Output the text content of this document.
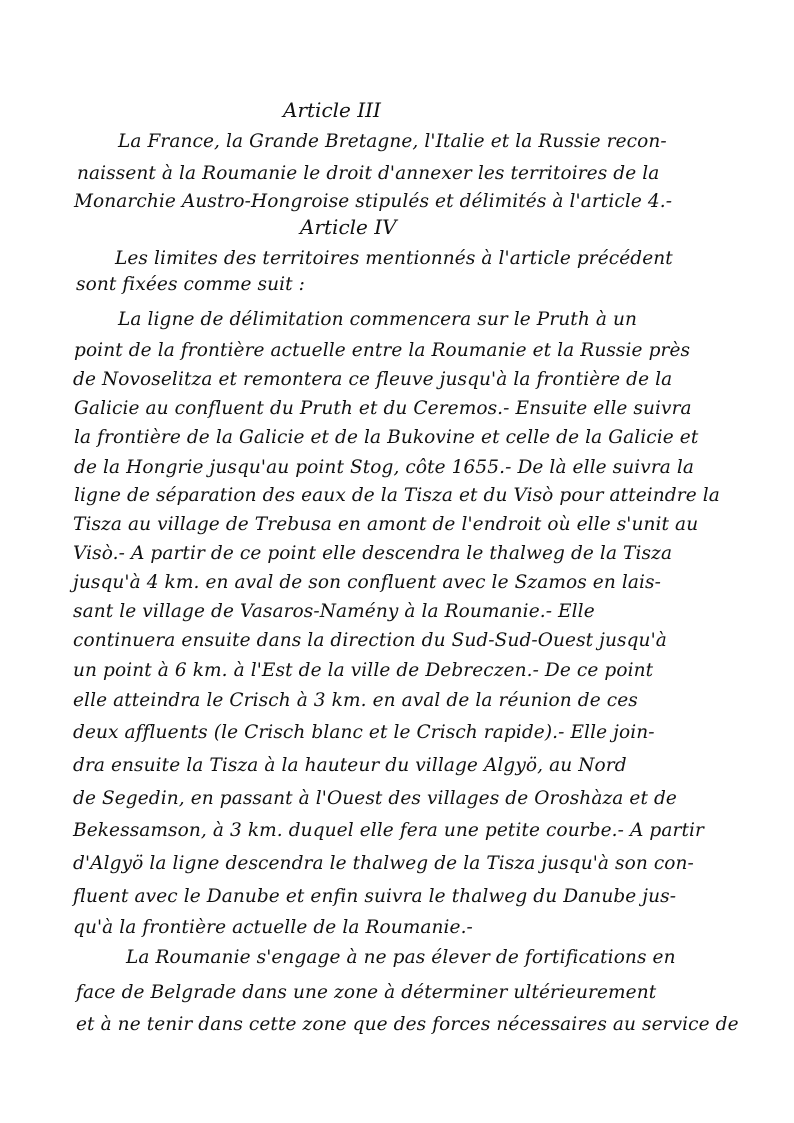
Article III
La France, la Grande Bretagne, l'Italie et la Russie recon-
naissent à la Roumanie le droit d'annexer les territoires de la
Monarchie Austro-Hongroise stipulés et délimités à l'article 4.-
Article IV
Les limites des territoires mentionnés à l'article précédent
sont fixées comme suit :
La ligne de délimitation commencera sur le Pruth à un
point de la frontière actuelle entre la Roumanie et la Russie près
de Novoselitza et remontera ce fleuve jusqu'à la frontière de la
Galicie au confluent du Pruth et du Ceremos.- Ensuite elle suivra
la frontière de la Galicie et de la Bukovine et celle de la Galicie et
de la Hongrie jusqu'au point Stog, côte 1655.- De là elle suivra la
ligne de séparation des eaux de la Tisza et du Visò pour atteindre la
Tisza au village de Trebusa en amont de l'endroit où elle s'unit au
Visò.- A partir de ce point elle descendra le thalweg de la Tisza
jusqu'à 4 km. en aval de son confluent avec le Szamos en lais-
sant le village de Vasaros-Namény à la Roumanie.- Elle
continuera ensuite dans la direction du Sud-Sud-Ouest jusqu'à
un point à 6 km. à l'Est de la ville de Debreczen.- De ce point
elle atteindra le Crisch à 3 km. en aval de la réunion de ces
deux affluents (le Crisch blanc et le Crisch rapide).- Elle join-
dra ensuite la Tisza à la hauteur du village Algyö, au Nord
de Segedin, en passant à l'Ouest des villages de Oroshàza et de
Bekessamson, à 3 km. duquel elle fera une petite courbe.- A partir
d'Algyö la ligne descendra le thalweg de la Tisza jusqu'à son con-
fluent avec le Danube et enfin suivra le thalweg du Danube jus-
qu'à la frontière actuelle de la Roumanie.-
La Roumanie s'engage à ne pas élever de fortifications en
face de Belgrade dans une zone à déterminer ultérieurement
et à ne tenir dans cette zone que des forces nécessaires au service de
